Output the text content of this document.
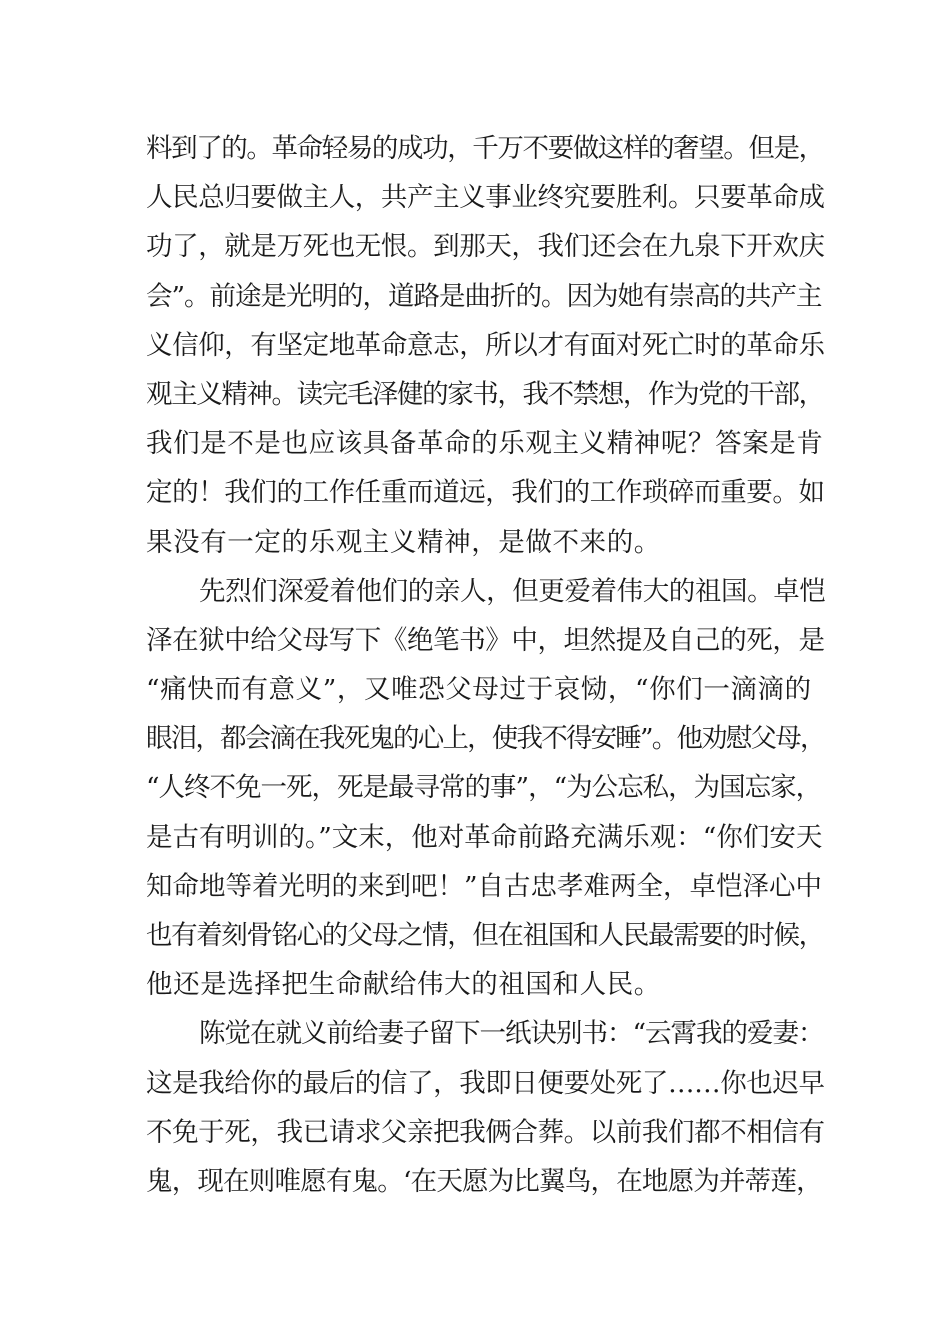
料到了的。革命轻易的成功，千万不要做这样的奢望。但是，
人民总归要做主人，共产主义事业终究要胜利。只要革命成
功了，就是万死也无恨。到那天，我们还会在九泉下开欢庆
会”。前途是光明的，道路是曲折的。因为她有崇高的共产主
义信仰，有坚定地革命意志，所以才有面对死亡时的革命乐
观主义精神。读完毛泽健的家书，我不禁想，作为党的干部，
我们是不是也应该具备革命的乐观主义精神呢？答案是肯
定的！我们的工作任重而道远，我们的工作琐碎而重要。如
果没有一定的乐观主义精神，是做不来的。
先烈们深爱着他们的亲人，但更爱着伟大的祖国。卓恺
泽在狱中给父母写下《绝笔书》中，坦然提及自己的死，是
“痛快而有意义”，又唯恐父母过于哀恸，“你们一滴滴的
眼泪，都会滴在我死鬼的心上，使我不得安睡”。他劝慰父母，
“人终不免一死，死是最寻常的事”，“为公忘私，为国忘家，
是古有明训的。”文末，他对革命前路充满乐观：“你们安天
知命地等着光明的来到吧！”自古忠孝难两全，卓恺泽心中
也有着刻骨铭心的父母之情，但在祖国和人民最需要的时候，
他还是选择把生命献给伟大的祖国和人民。
陈觉在就义前给妻子留下一纸诀别书：“云霄我的爱妻：
这是我给你的最后的信了，我即日便要处死了……你也迟早
不免于死，我已请求父亲把我俩合葬。以前我们都不相信有
鬼，现在则唯愿有鬼。‘在天愿为比翼鸟，在地愿为并蒂莲，
